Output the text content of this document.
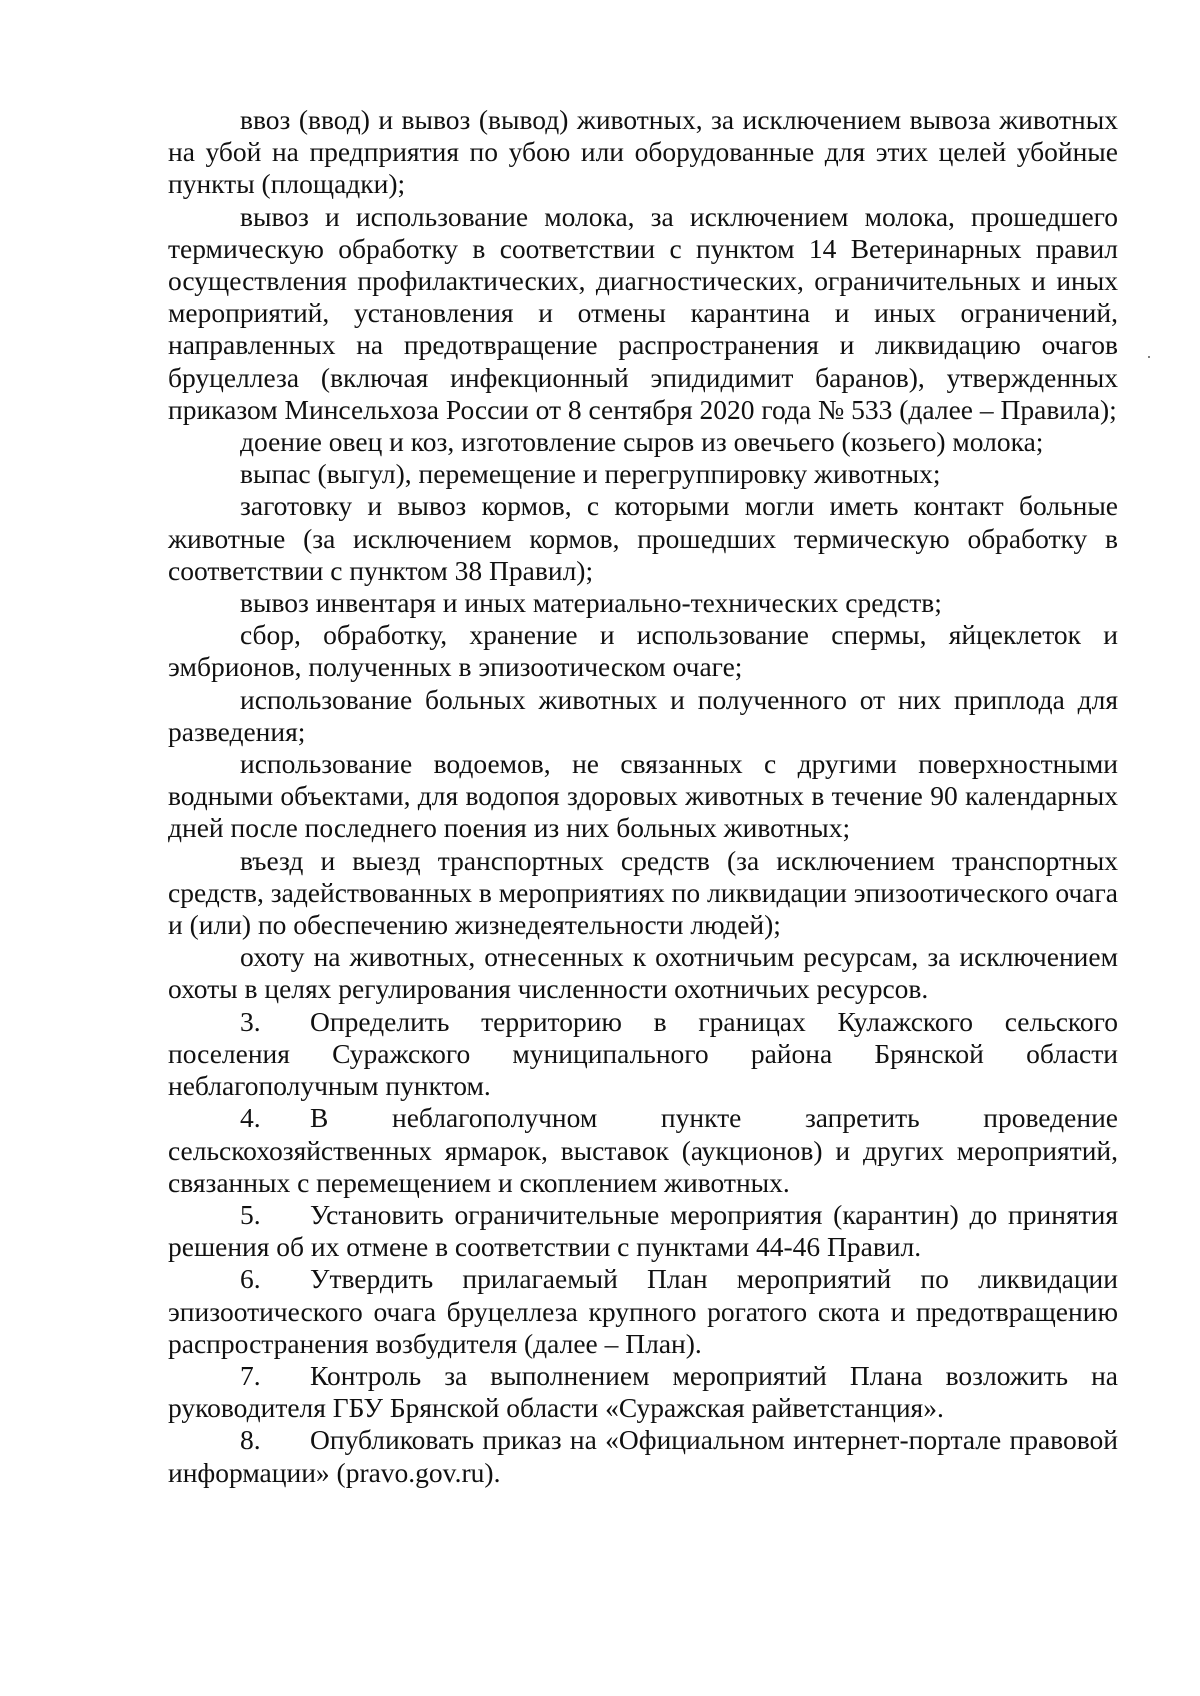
ввоз (ввод) и вывоз (вывод) животных, за исключением вывоза животных на убой на предприятия по убою или оборудованные для этих целей убойные пункты (площадки);

вывоз и использование молока, за исключением молока, прошедшего термическую обработку в соответствии с пунктом 14 Ветеринарных правил осуществления профилактических, диагностических, ограничительных и иных мероприятий, установления и отмены карантина и иных ограничений, направленных на предотвращение распространения и ликвидацию очагов бруцеллеза (включая инфекционный эпидидимит баранов), утвержденных приказом Минсельхоза России от 8 сентября 2020 года № 533 (далее – Правила);

доение овец и коз, изготовление сыров из овечьего (козьего) молока;

выпас (выгул), перемещение и перегруппировку животных;

заготовку и вывоз кормов, с которыми могли иметь контакт больные животные (за исключением кормов, прошедших термическую обработку в соответствии с пунктом 38 Правил);

вывоз инвентаря и иных материально-технических средств;

сбор, обработку, хранение и использование спермы, яйцеклеток и эмбрионов, полученных в эпизоотическом очаге;

использование больных животных и полученного от них приплода для разведения;

использование водоемов, не связанных с другими поверхностными водными объектами, для водопоя здоровых животных в течение 90 календарных дней после последнего поения из них больных животных;

въезд и выезд транспортных средств (за исключением транспортных средств, задействованных в мероприятиях по ликвидации эпизоотического очага и (или) по обеспечению жизнедеятельности людей);

охоту на животных, отнесенных к охотничьим ресурсам, за исключением охоты в целях регулирования численности охотничьих ресурсов.

3. Определить территорию в границах Кулажского сельского поселения Суражского муниципального района Брянской области неблагополучным пунктом.

4. В неблагополучном пункте запретить проведение сельскохозяйственных ярмарок, выставок (аукционов) и других мероприятий, связанных с перемещением и скоплением животных.

5. Установить ограничительные мероприятия (карантин) до принятия решения об их отмене в соответствии с пунктами 44-46 Правил.

6. Утвердить прилагаемый План мероприятий по ликвидации эпизоотического очага бруцеллеза крупного рогатого скота и предотвращению распространения возбудителя (далее – План).

7. Контроль за выполнением мероприятий Плана возложить на руководителя ГБУ Брянской области «Суражская райветстанция».

8. Опубликовать приказ на «Официальном интернет-портале правовой информации» (pravo.gov.ru).
